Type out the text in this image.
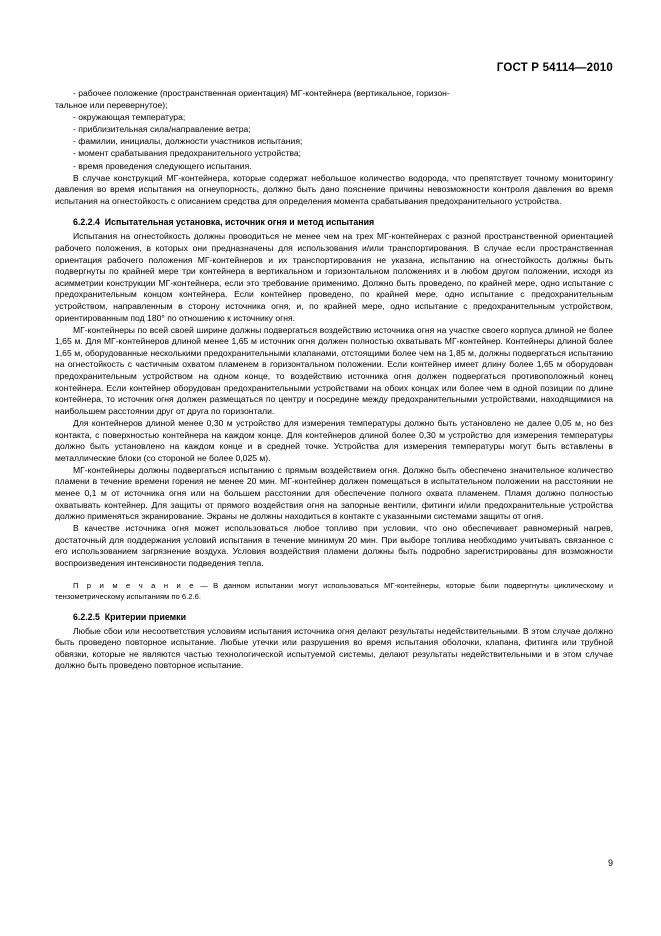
ГОСТ Р 54114—2010

- рабочее положение (пространственная ориентация) МГ-контейнера (вертикальное, горизон-

тальное или перевернутое);

- окружающая температура;

- приблизительная сила/направление ветра;

- фамилии, инициалы, должности участников испытания;

- момент срабатывания предохранительного устройства;

- время проведения следующего испытания.

В случае конструкций МГ-контейнера, которые содержат небольшое количество водорода, что препятствует точному мониторингу давления во время испытания на огнеупорность, должно быть дано пояснение причины невозможности контроля давления во время испытания на огнестойкость с описанием средства для определения момента срабатывания предохранительного устройства.

6.2.2.4 Испытательная установка, источник огня и метод испытания

Испытания на огнестойкость должны проводиться не менее чем на трех МГ-контейнерах с разной пространственной ориентацией рабочего положения, в которых они предназначены для использования и/или транспортирования. В случае если пространственная ориентация рабочего положения МГ-контейнеров и их транспортирования не указана, испытанию на огнестойкость должны быть подвергнуты по крайней мере три контейнера в вертикальном и горизонтальном положениях и в любом другом положении, исходя из асимметрии конструкции МГ-контейнера, если это требование применимо. Должно быть проведено, по крайней мере, одно испытание с предохранительным концом контейнера. Если контейнер проведено, по крайней мере, одно испытание с предохранительным устройством, направленным в сторону источника огня, и, по крайней мере, одно испытание с предохранительным устройством, ориентированным под 180° по отношению к источнику огня.

МГ-контейнеры по всей своей ширине должны подвергаться воздействию источника огня на участке своего корпуса длиной не более 1,65 м. Для МГ-контейнеров длиной менее 1,65 м источник огня должен полностью охватывать МГ-контейнер. Контейнеры длиной более 1,65 м, оборудованные несколькими предохранительными клапанами, отстоящими более чем на 1,85 м, должны подвергаться испытанию на огнестойкость с частичным охватом пламенем в горизонтальном положении. Если контейнер имеет длину более 1,65 м оборудован предохранительным устройством на одном конце, то воздействию источника огня должен подвергаться противоположный конец контейнера. Если контейнер оборудован предохранительными устройствами на обоих концах или более чем в одной позиции по длине контейнера, то источник огня должен размещаться по центру и посредине между предохранительными устройствами, находящимися на наибольшем расстоянии друг от друга по горизонтали.

Для контейнеров длиной менее 0,30 м устройство для измерения температуры должно быть установлено не далее 0,05 м, но без контакта, с поверхностью контейнера на каждом конце. Для контейнеров длиной более 0,30 м устройство для измерения температуры должно быть установлено на каждом конце и в средней точке. Устройства для измерения температуры могут быть вставлены в металлические блоки (со стороной не более 0,025 м).

МГ-контейнеры должны подвергаться испытанию с прямым воздействием огня. Должно быть обеспечено значительное количество пламени в течение времени горения не менее 20 мин. МГ-контейнер должен помещаться в испытательном положении на расстоянии не менее 0,1 м от источника огня или на большем расстоянии для обеспечение полного охвата пламенем. Пламя должно полностью охватывать контейнер. Для защиты от прямого воздействия огня на запорные вентили, фитинги и/или предохранительные устройства должно применяться экранирование. Экраны не должны находиться в контакте с указанными системами защиты от огня.

В качестве источника огня может использоваться любое топливо при условии, что оно обеспечивает равномерный нагрев, достаточный для поддержания условий испытания в течение минимум 20 мин. При выборе топлива необходимо учитывать связанное с его использованием загрязнение воздуха. Условия воздействия пламени должны быть подробно зарегистрированы для возможности воспроизведения интенсивности подведения тепла.

П р и м е ч а н и е — В данном испытании могут использоваться МГ-контейнеры, которые были подвергнуты циклическому и тензометрическому испытаниям по 6.2.6.

6.2.2.5 Критерии приемки

Любые сбои или несоответствия условиям испытания источника огня делают результаты недействительными. В этом случае должно быть проведено повторное испытание. Любые утечки или разрушения во время испытания оболочки, клапана, фитинга или трубной обвязки, которые не являются частью технологической испытуемой системы, делают результаты недействительными и в этом случае должно быть проведено повторное испытание.

9
